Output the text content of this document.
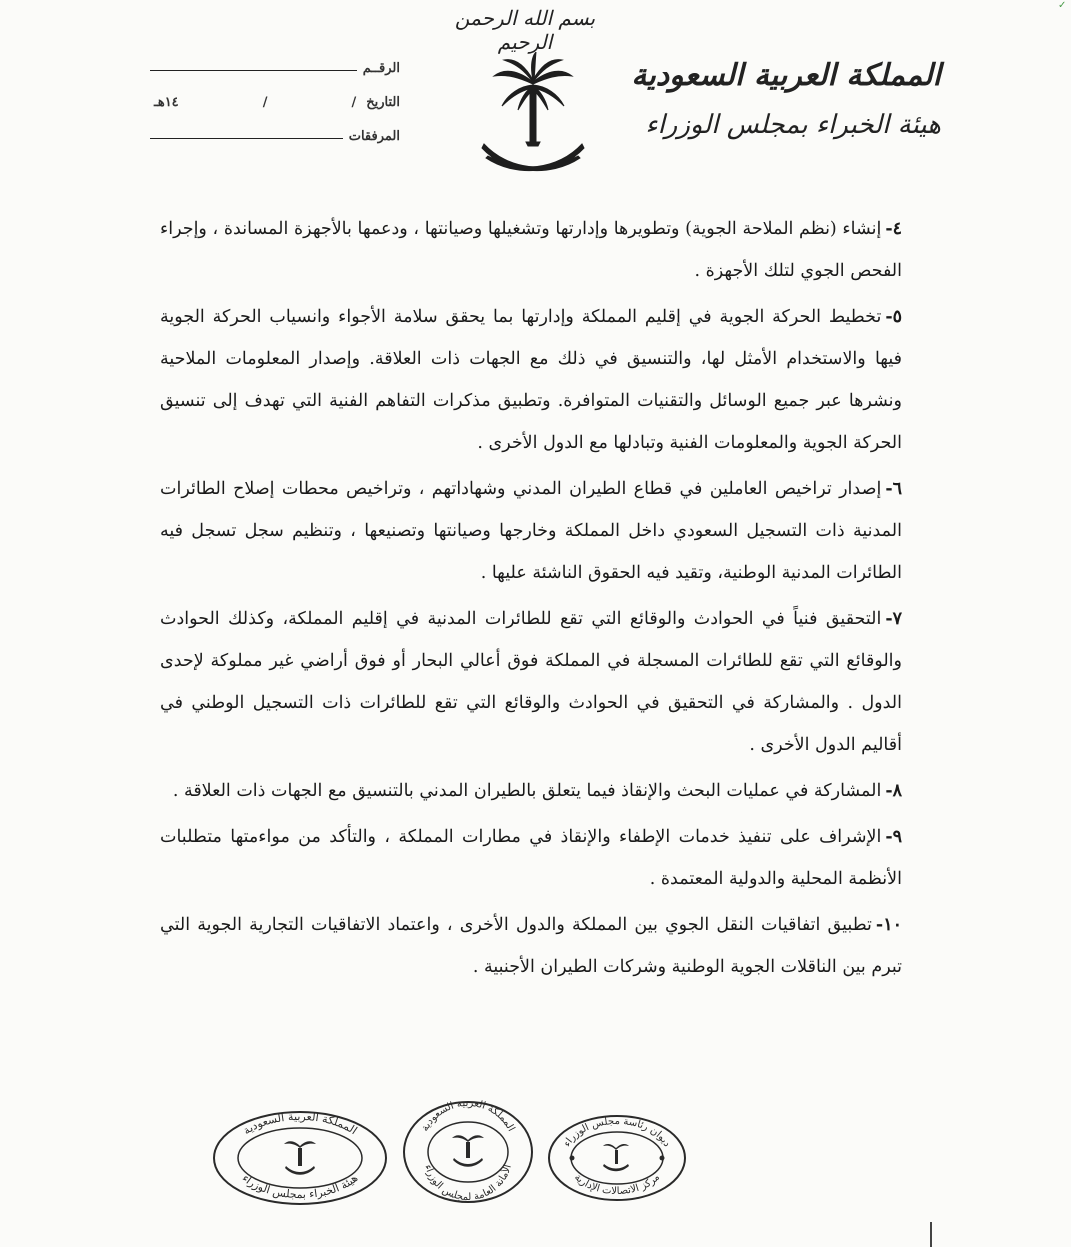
✓
بسم الله الرحمن الرحيم
المملكة العربية السعودية
هيئة الخبراء بمجلس الوزراء
الرقــم
التاريخ
/
/
١٤هـ
المرفقات
٤-

إنشاء (نظم الملاحة الجوية) وتطويرها وإدارتها وتشغيلها وصيانتها ، ودعمها بالأجهزة المساندة ، وإجراء الفحص الجوي لتلك الأجهزة .

٥-

تخطيط الحركة الجوية في إقليم المملكة وإدارتها بما يحقق سلامة الأجواء وانسياب الحركة الجوية فيها والاستخدام الأمثل لها، والتنسيق في ذلك مع الجهات ذات العلاقة. وإصدار المعلومات الملاحية ونشرها عبر جميع الوسائل والتقنيات المتوافرة. وتطبيق مذكرات التفاهم الفنية التي تهدف إلى تنسيق الحركة الجوية والمعلومات الفنية وتبادلها مع الدول الأخرى .

٦-

إصدار تراخيص العاملين في قطاع الطيران المدني وشهاداتهم ، وتراخيص محطات إصلاح الطائرات المدنية ذات التسجيل السعودي داخل المملكة وخارجها وصيانتها وتصنيعها ، وتنظيم سجل تسجل فيه الطائرات المدنية الوطنية، وتقيد فيه الحقوق الناشئة عليها .

٧-

التحقيق فنياً في الحوادث والوقائع التي تقع للطائرات المدنية في إقليم المملكة، وكذلك الحوادث والوقائع التي تقع للطائرات المسجلة في المملكة فوق أعالي البحار أو فوق أراضي غير مملوكة لإحدى الدول . والمشاركة في التحقيق في الحوادث والوقائع التي تقع للطائرات ذات التسجيل الوطني في أقاليم الدول الأخرى .

٨-

المشاركة في عمليات البحث والإنقاذ فيما يتعلق بالطيران المدني بالتنسيق مع الجهات ذات العلاقة .

٩-

الإشراف على تنفيذ خدمات الإطفاء والإنقاذ في مطارات المملكة ، والتأكد من مواءمتها متطلبات الأنظمة المحلية والدولية المعتمدة .

١٠-

تطبيق اتفاقيات النقل الجوي بين المملكة والدول الأخرى ، واعتماد الاتفاقيات التجارية الجوية التي تبرم بين الناقلات الجوية الوطنية وشركات الطيران الأجنبية .

المملكة العربية السعودية
هيئة الخبراء بمجلس الوزراء
المملكة العربية السعودية
الأمانة العامة لمجلس الوزراء
ديوان رئاسة مجلس الوزراء
مركز الاتصالات الإدارية
